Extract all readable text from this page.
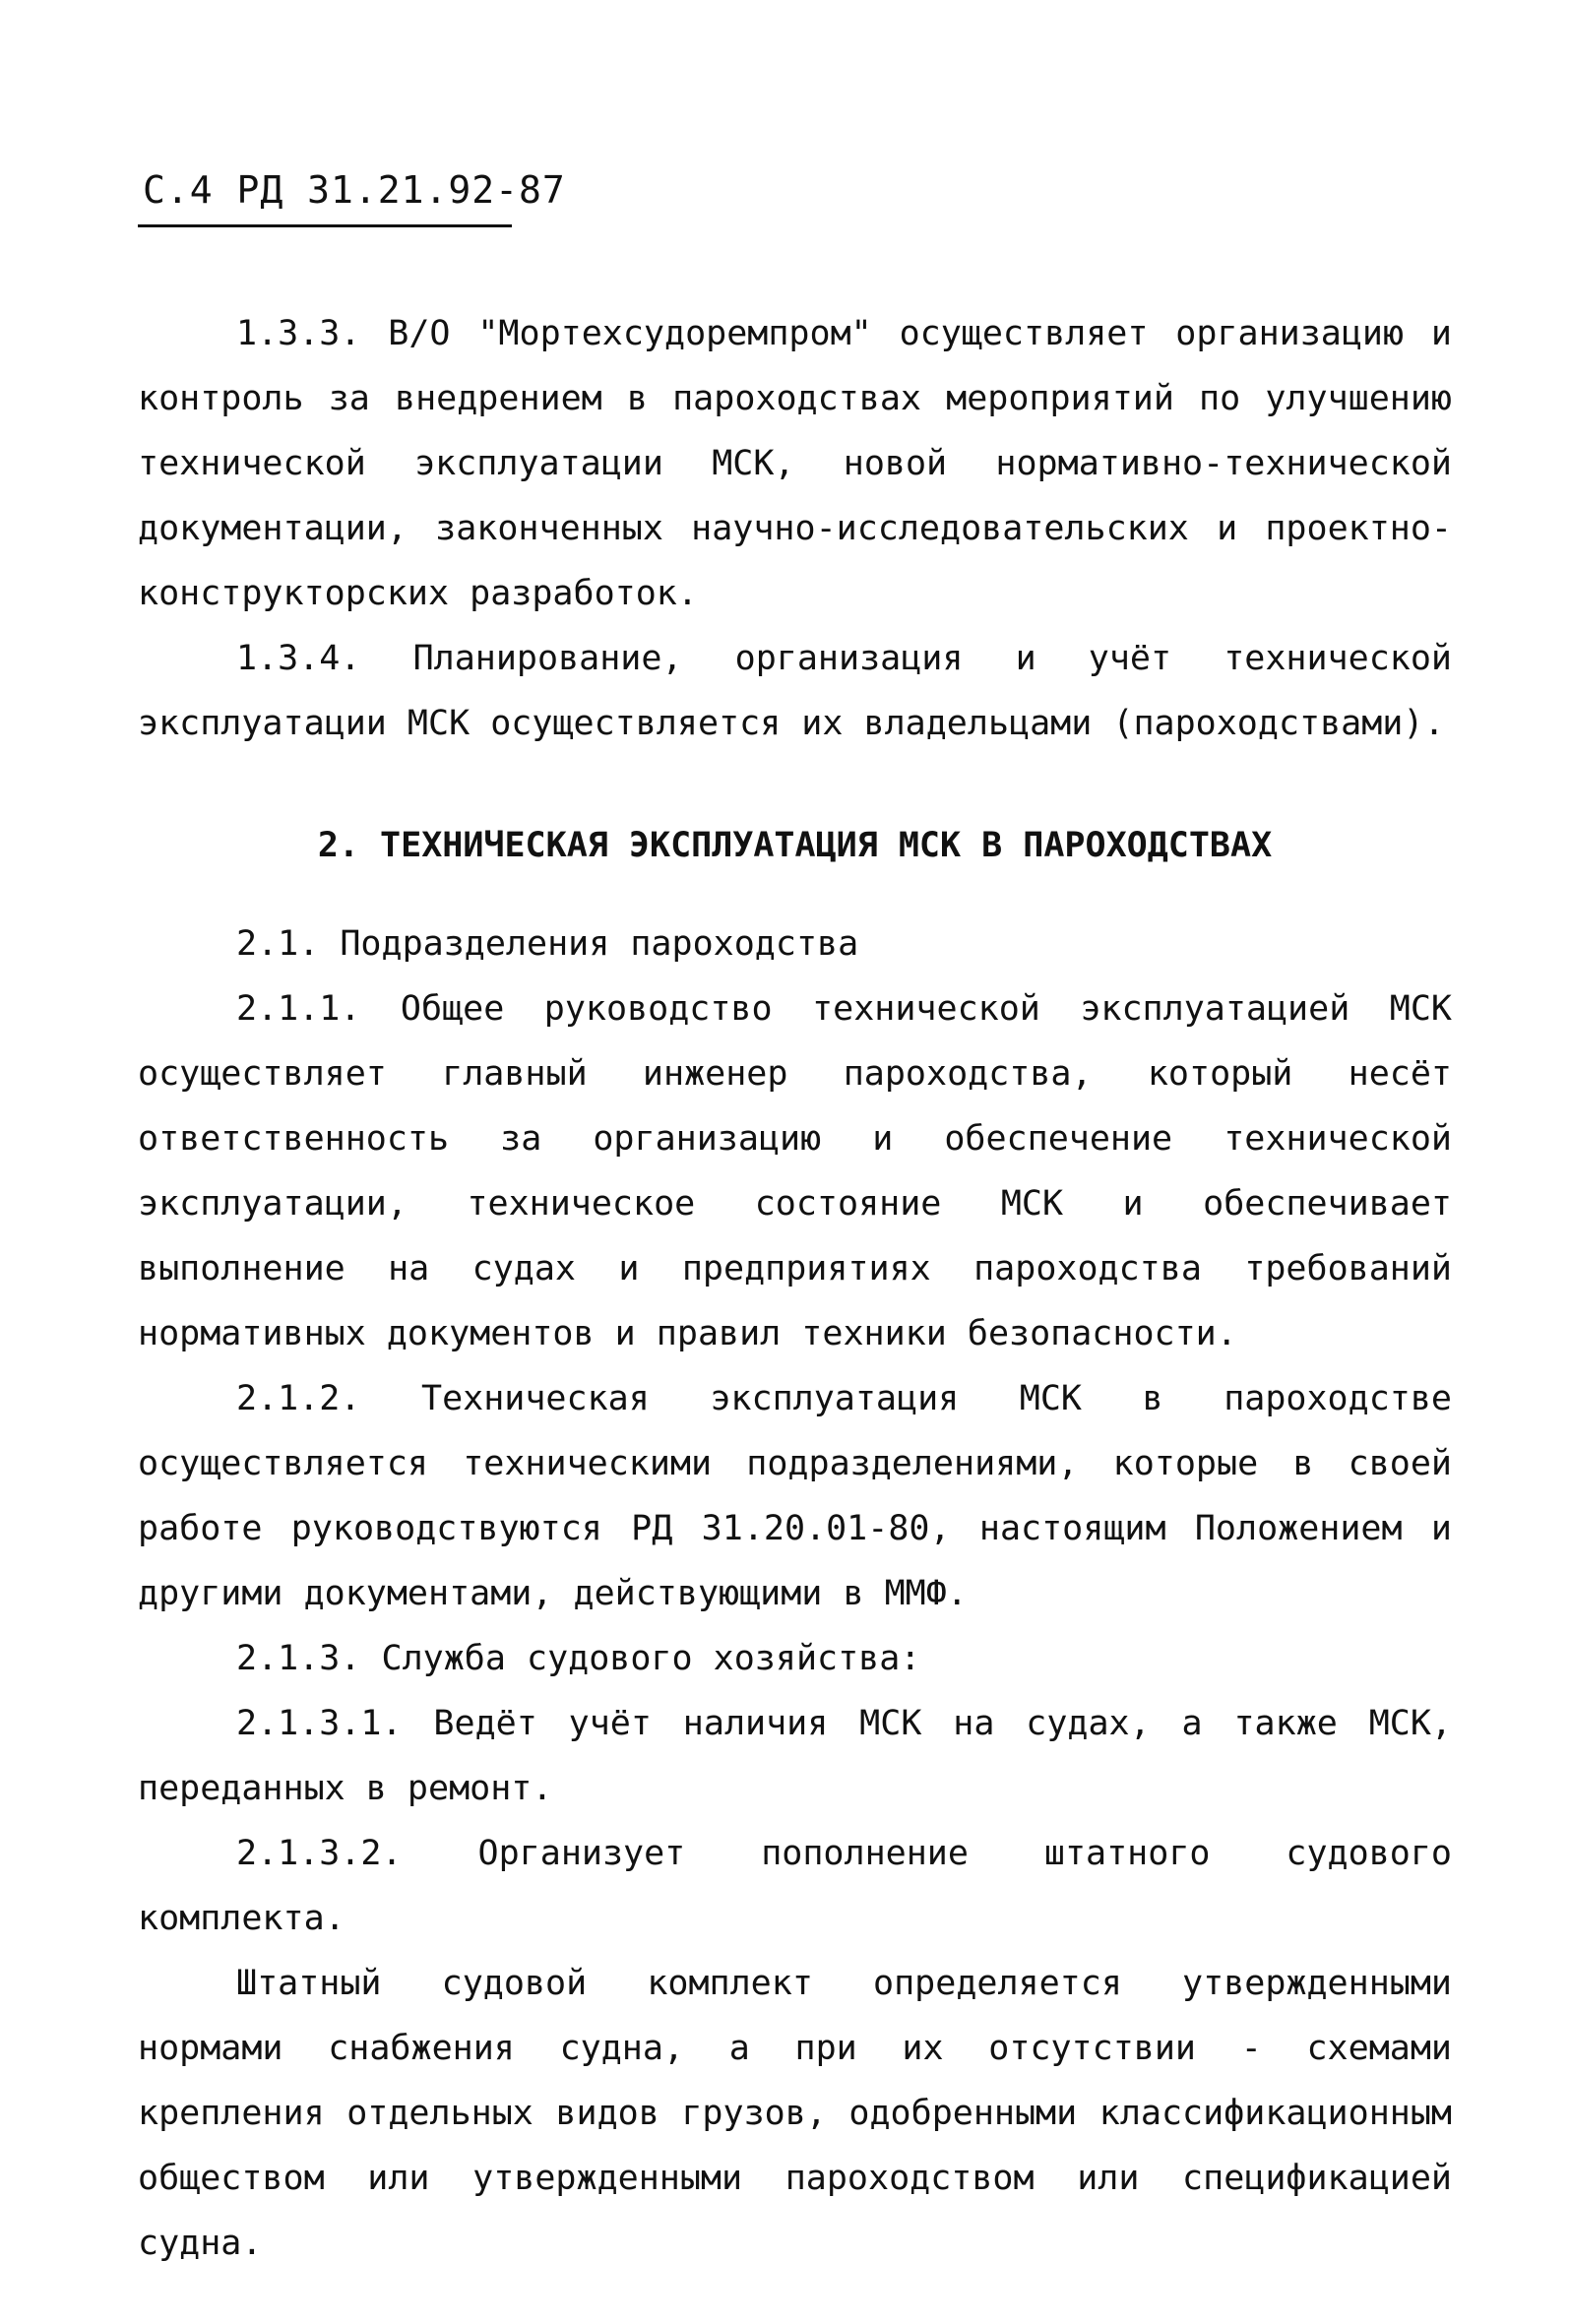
С.4 РД 31.21.92-87

1.3.3. В/О "Мортехсудоремпром" осуществляет организацию и контроль за внедрением в пароходствах мероприятий по улучшению технической эксплуатации МСК, новой нормативно-технической документации, законченных научно-исследовательских и проектно-конструкторских разработок.

1.3.4. Планирование, организация и учёт технической эксплуатации МСК осуществляется их владельцами (пароходствами).

2. ТЕХНИЧЕСКАЯ ЭКСПЛУАТАЦИЯ МСК В ПАРОХОДСТВАХ

2.1. Подразделения пароходства

2.1.1. Общее руководство технической эксплуатацией МСК осуществляет главный инженер пароходства, который несёт ответственность за организацию и обеспечение технической эксплуатации, техническое состояние МСК и обеспечивает выполнение на судах и предприятиях пароходства требований нормативных документов и правил техники безопасности.

2.1.2. Техническая эксплуатация МСК в пароходстве осуществляется техническими подразделениями, которые в своей работе руководствуются РД 31.20.01-80, настоящим Положением и другими документами, действующими в ММФ.

2.1.3. Служба судового хозяйства:

2.1.3.1. Ведёт учёт наличия МСК на судах, а также МСК, переданных в ремонт.

2.1.3.2. Организует пополнение штатного судового комплекта.

Штатный судовой комплект определяется утвержденными нормами снабжения судна, а при их отсутствии - схемами крепления отдельных видов грузов, одобренными классификационным обществом или утвержденными пароходством или спецификацией судна.
